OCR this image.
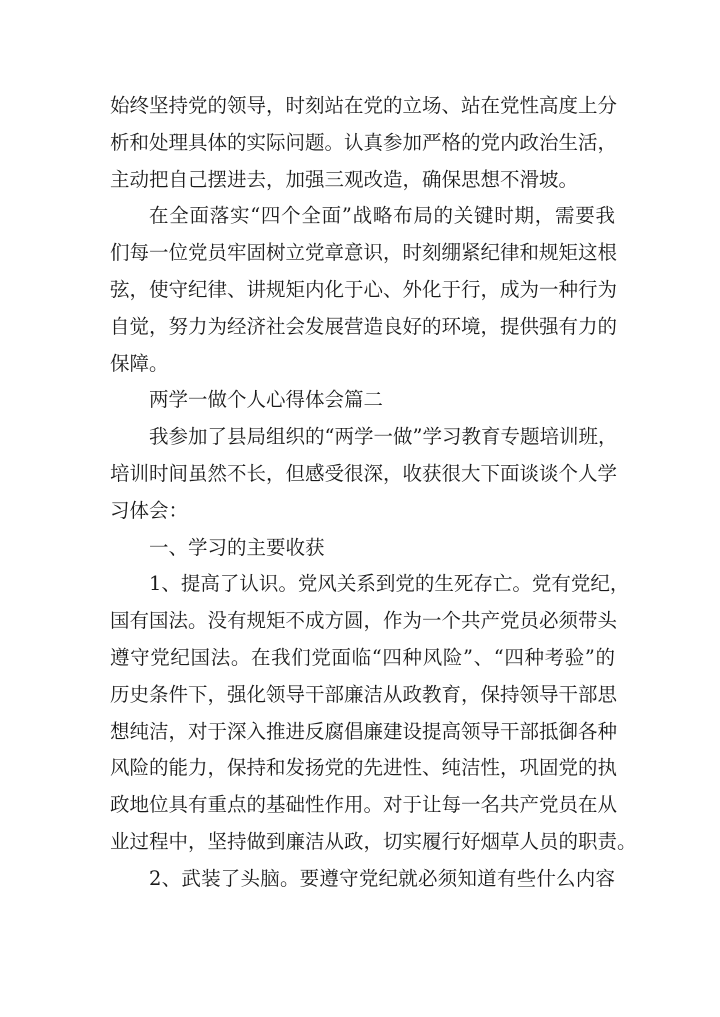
始终坚持党的领导，时刻站在党的立场、站在党性高度上分
析和处理具体的实际问题。认真参加严格的党内政治生活，
主动把自己摆进去，加强三观改造，确保思想不滑坡。
在全面落实“四个全面”战略布局的关键时期，需要我
们每一位党员牢固树立党章意识，时刻绷紧纪律和规矩这根
弦，使守纪律、讲规矩内化于心、外化于行，成为一种行为
自觉，努力为经济社会发展营造良好的环境，提供强有力的
保障。
两学一做个人心得体会篇二
我参加了县局组织的“两学一做”学习教育专题培训班，
培训时间虽然不长，但感受很深，收获很大下面谈谈个人学
习体会：
一、学习的主要收获
1、提高了认识。党风关系到党的生死存亡。党有党纪，
国有国法。没有规矩不成方圆，作为一个共产党员必须带头
遵守党纪国法。在我们党面临“四种风险”、“四种考验”的
历史条件下，强化领导干部廉洁从政教育，保持领导干部思
想纯洁，对于深入推进反腐倡廉建设提高领导干部抵御各种
风险的能力，保持和发扬党的先进性、纯洁性，巩固党的执
政地位具有重点的基础性作用。对于让每一名共产党员在从
业过程中，坚持做到廉洁从政，切实履行好烟草人员的职责。
2、武装了头脑。要遵守党纪就必须知道有些什么内容
